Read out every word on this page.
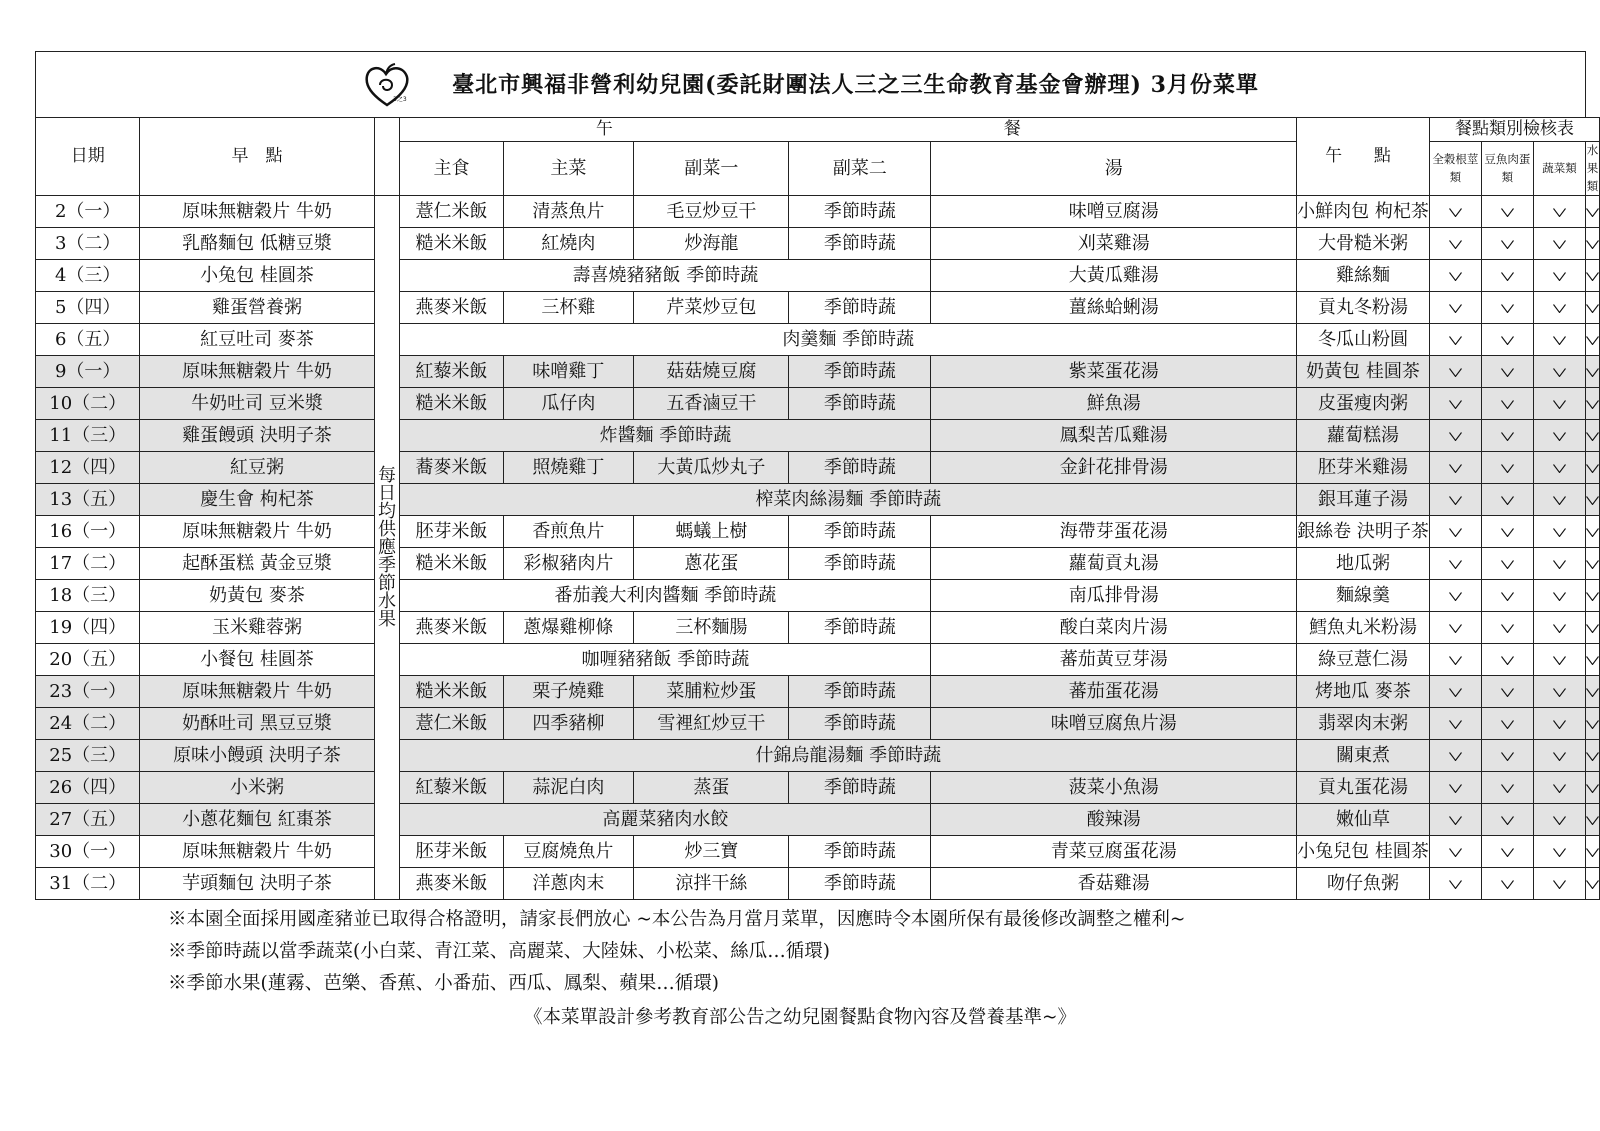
3之3
臺北市興福非營利幼兒園(委託財團法人三之三生命教育基金會辦理) 3月份菜單												

日期	早　點		午 餐					午 點	餐點類別檢核表			
			主食	主菜	副菜一	副菜二	湯		全穀根莖類	豆魚肉蛋類	蔬菜類	水果類
2（一）	原味無糖穀片 牛奶	每日均供應季節水果	薏仁米飯	清蒸魚片	毛豆炒豆干	季節時蔬	味噌豆腐湯	小鮮肉包 枸杞茶				
3（二）	乳酪麵包 低糖豆漿		糙米米飯	紅燒肉	炒海龍	季節時蔬	刈菜雞湯	大骨糙米粥				
4（三）	小兔包 桂圓茶		壽喜燒豬豬飯 季節時蔬				大黃瓜雞湯	雞絲麵				
5（四）	雞蛋營養粥		燕麥米飯	三杯雞	芹菜炒豆包	季節時蔬	薑絲蛤蜊湯	貢丸冬粉湯				
6（五）	紅豆吐司 麥茶		肉羹麵 季節時蔬					冬瓜山粉圓				
9（一）	原味無糖穀片 牛奶		紅藜米飯	味噌雞丁	菇菇燒豆腐	季節時蔬	紫菜蛋花湯	奶黃包 桂圓茶				
10（二）	牛奶吐司 豆米漿		糙米米飯	瓜仔肉	五香滷豆干	季節時蔬	鮮魚湯	皮蛋瘦肉粥				
11（三）	雞蛋饅頭 決明子茶		炸醬麵 季節時蔬				鳳梨苦瓜雞湯	蘿蔔糕湯				
12（四）	紅豆粥		蕎麥米飯	照燒雞丁	大黃瓜炒丸子	季節時蔬	金針花排骨湯	胚芽米雞湯				
13（五）	慶生會 枸杞茶		榨菜肉絲湯麵 季節時蔬					銀耳蓮子湯				
16（一）	原味無糖穀片 牛奶		胚芽米飯	香煎魚片	螞蟻上樹	季節時蔬	海帶芽蛋花湯	銀絲卷 決明子茶				
17（二）	起酥蛋糕 黃金豆漿		糙米米飯	彩椒豬肉片	蔥花蛋	季節時蔬	蘿蔔貢丸湯	地瓜粥				
18（三）	奶黃包 麥茶		番茄義大利肉醬麵 季節時蔬				南瓜排骨湯	麵線羹				
19（四）	玉米雞蓉粥		燕麥米飯	蔥爆雞柳條	三杯麵腸	季節時蔬	酸白菜肉片湯	鱈魚丸米粉湯				
20（五）	小餐包 桂圓茶		咖喱豬豬飯 季節時蔬				蕃茄黃豆芽湯	綠豆薏仁湯				
23（一）	原味無糖穀片 牛奶		糙米米飯	栗子燒雞	菜脯粒炒蛋	季節時蔬	蕃茄蛋花湯	烤地瓜 麥茶				
24（二）	奶酥吐司 黑豆豆漿		薏仁米飯	四季豬柳	雪裡紅炒豆干	季節時蔬	味噌豆腐魚片湯	翡翠肉末粥				
25（三）	原味小饅頭 決明子茶		什錦烏龍湯麵 季節時蔬					關東煮				
26（四）	小米粥		紅藜米飯	蒜泥白肉	蒸蛋	季節時蔬	菠菜小魚湯	貢丸蛋花湯				
27（五）	小蔥花麵包 紅棗茶		高麗菜豬肉水餃				酸辣湯	嫩仙草				
30（一）	原味無糖穀片 牛奶		胚芽米飯	豆腐燒魚片	炒三寶	季節時蔬	青菜豆腐蛋花湯	小兔兒包 桂圓茶				
31（二）	芋頭麵包 決明子茶		燕麥米飯	洋蔥肉末	涼拌干絲	季節時蔬	香菇雞湯	吻仔魚粥				
※本園全面採用國產豬並已取得合格證明，請家長們放心 ~本公告為月當月菜單，因應時令本園所保有最後修改調整之權利~
※季節時蔬以當季蔬菜(小白菜、青江菜、高麗菜、大陸妹、小松菜、絲瓜…循環)
※季節水果(蓮霧、芭樂、香蕉、小番茄、西瓜、鳳梨、蘋果…循環)
《本菜單設計參考教育部公告之幼兒園餐點食物內容及營養基準~》
